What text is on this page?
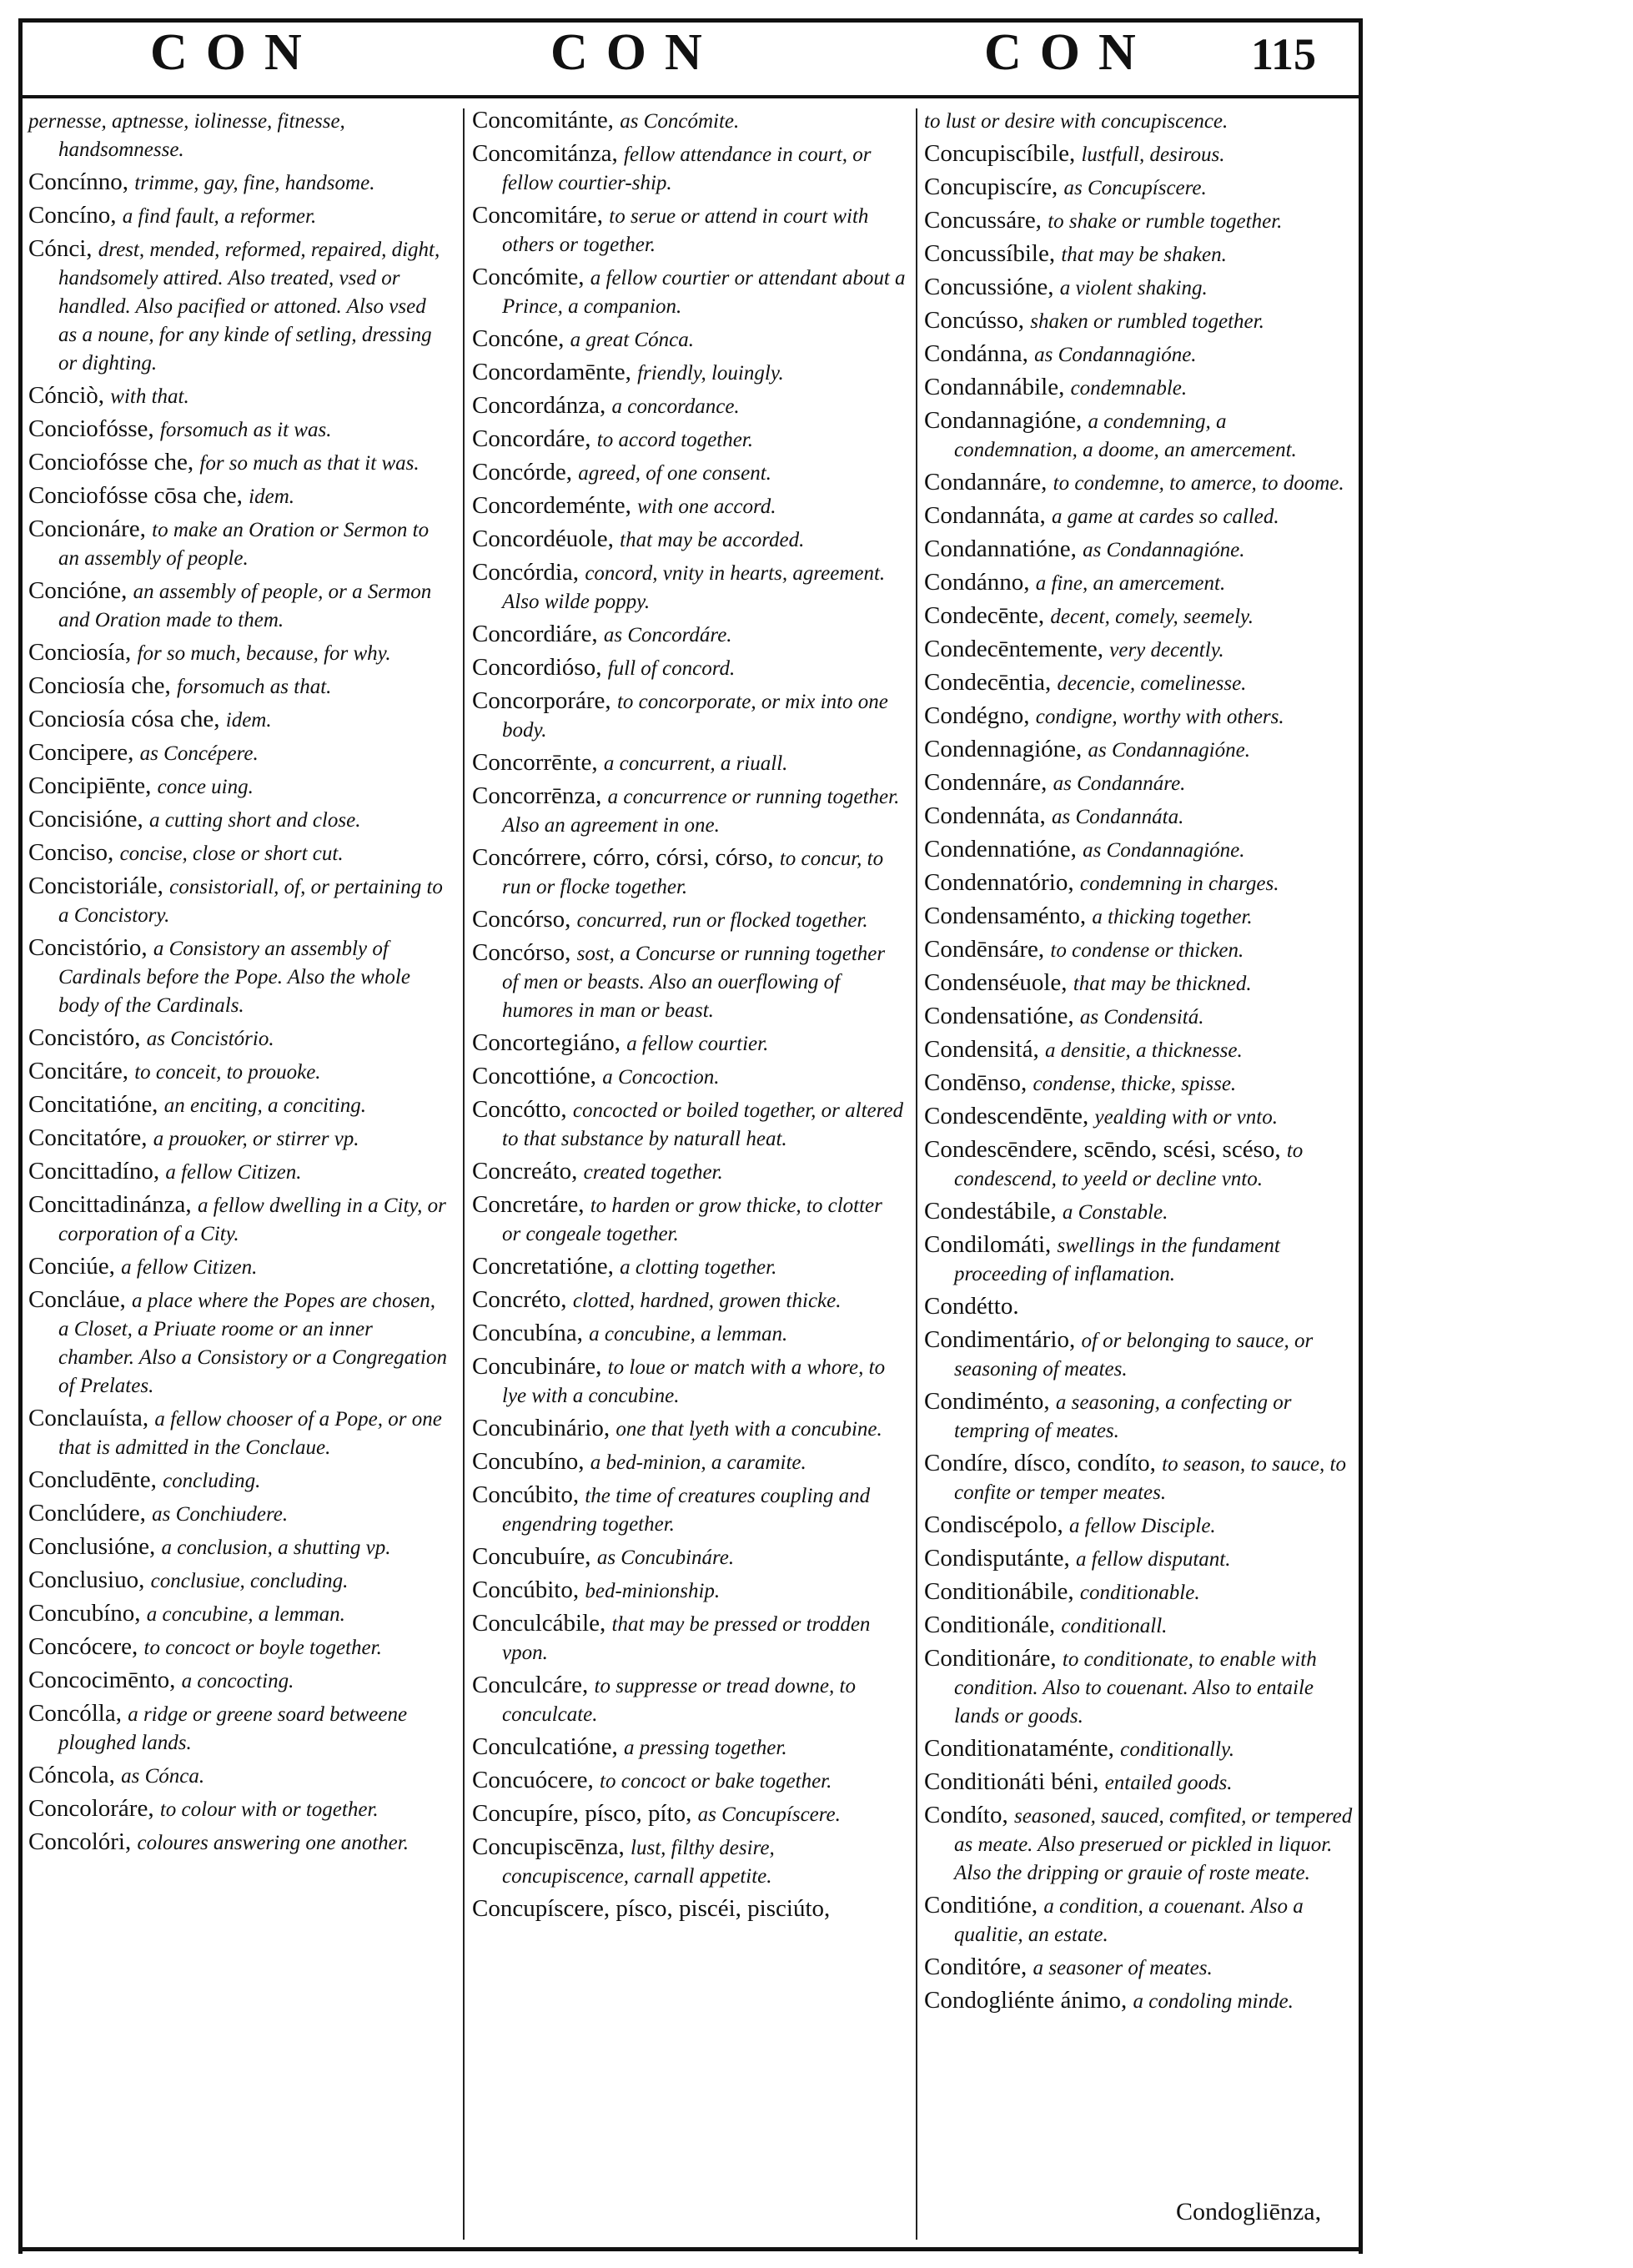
CON	CON	CON 115
pernesse, aptnesse, iolinesse, fitnesse, handsomnesse.
Concínno, trimme, gay, fine, handsome.
Concíno, a find fault, a reformer.
Cónci, drest, mended, reformed, repaired, dight, handsomely attired. Also treated, vsed or handled. Also pacified or attoned. Also vsed as a noune, for any kinde of setling, dressing or dighting.
Cónciò, with that.
Conciofósse, forsomuch as it was.
Conciofósse che, for so much as that it was.
Conciofósse cōsa che, idem.
Concionáre, to make an Oration or Sermon to an assembly of people.
Concióne, an assembly of people, or a Sermon and Oration made to them.
Conciosía, for so much, because, for why.
Conciosía che, forsomuch as that.
Conciosía cósa che, idem.
Concipere, as Concépere.
Concipiēnte, conce uing.
Concisióne, a cutting short and close.
Conciso, concise, close or short cut.
Concistoriále, consistoriall, of, or pertaining to a Concistory.
Concistório, a Consistory an assembly of Cardinals before the Pope. Also the whole body of the Cardinals.
Concistóro, as Concistório.
Concitáre, to conceit, to prouoke.
Concitatióne, an enciting, a conciting.
Concitatóre, a prouoker, or stirrer vp.
Concittadíno, a fellow Citizen.
Concittadinánza, a fellow dwelling in a City, or corporation of a City.
Conciúe, a fellow Citizen.
Concláue, a place where the Popes are chosen, a Closet, a Priuate roome or an inner chamber. Also a Consistory or a Congregation of Prelates.
Conclauísta, a fellow chooser of a Pope, or one that is admitted in the Conclaue.
Concludēnte, concluding.
Conclúdere, as Conchiudere.
Conclusióne, a conclusion, a shutting vp.
Conclusiuo, conclusiue, concluding.
Concubíno, a concubine, a lemman.
Concócere, to concoct or boyle together.
Concocimēnto, a concocting.
Concólla, a ridge or greene soard betweene ploughed lands.
Cóncola, as Cónca.
Concoloráre, to colour with or together.
Concolóri, coloures answering one another.
Concomitánte, as Concómite.
Concomitánza, fellow attendance in court, or fellow courtier-ship.
Concomitáre, to serue or attend in court with others or together.
Concómite, a fellow courtier or attendant about a Prince, a companion.
Concóne, a great Cónca.
Concordamēnte, friendly, louingly.
Concordánza, a concordance.
Concordáre, to accord together.
Concórde, agreed, of one consent.
Concordeménte, with one accord.
Concordéuole, that may be accorded.
Concórdia, concord, vnity in hearts, agreement. Also wilde poppy.
Concordiáre, as Concordáre.
Concordióso, full of concord.
Concorporáre, to concorporate, or mix into one body.
Concorrēnte, a concurrent, a riuall.
Concorrēnza, a concurrence or running together. Also an agreement in one.
Concórrere, córro, córsi, córso, to concur, to run or flocke together.
Concórso, concurred, run or flocked together.
Concórso, sost, a Concurse or running together of men or beasts. Also an ouerflowing of humores in man or beast.
Concortegiáno, a fellow courtier.
Concottióne, a Concoction.
Concótto, concocted or boiled together, or altered to that substance by naturall heat.
Concreáto, created together.
Concretáre, to harden or grow thicke, to clotter or congeale together.
Concretatióne, a clotting together.
Concréto, clotted, hardned, growen thicke.
Concubína, a concubine, a lemman.
Concubináre, to loue or match with a whore, to lye with a concubine.
Concubinário, one that lyeth with a concubine.
Concubíno, a bed-minion, a caramite.
Concúbito, the time of creatures coupling and engendring together.
Concubuíre, as Concubináre.
Concúbito, bed-minionship.
Conculcábile, that may be pressed or trodden vpon.
Conculcáre, to suppresse or tread downe, to conculcate.
Conculcatióne, a pressing together.
Concuócere, to concoct or bake together.
Concupíre, písco, píto, as Concupíscere.
Concupiscēnza, lust, filthy desire, concupiscence, carnall appetite.
Concupíscere, písco, piscéi, pisciúto,
to lust or desire with concupiscence.
Concupiscíbile, lustfull, desirous.
Concupiscíre, as Concupíscere.
Concussáre, to shake or rumble together.
Concussíbile, that may be shaken.
Concussióne, a violent shaking.
Concússo, shaken or rumbled together.
Condánna, as Condannagióne.
Condannábile, condemnable.
Condannagióne, a condemning, a condemnation, a doome, an amercement.
Condannáre, to condemne, to amerce, to doome.
Condannáta, a game at cardes so called.
Condannatióne, as Condannagióne.
Condánno, a fine, an amercement.
Condecēnte, decent, comely, seemely.
Condecēntemente, very decently.
Condecēntia, decencie, comelinesse.
Condégno, condigne, worthy with others.
Condennagióne, as Condannagióne.
Condennáre, as Condannáre.
Condennáta, as Condannáta.
Condennatióne, as Condannagióne.
Condennatório, condemning in charges.
Condensaménto, a thicking together.
Condēnsáre, to condense or thicken.
Condenséuole, that may be thickned.
Condensatióne, as Condensitá.
Condensitá, a densitie, a thicknesse.
Condēnso, condense, thicke, spisse.
Condescendēnte, yealding with or vnto.
Condescēndere, scēndo, scési, scéso, to condescend, to yeeld or decline vnto.
Condestábile, a Constable.
Condilomáti, swellings in the fundament proceeding of inflamation.
Condétto.
Condimentário, of or belonging to sauce, or seasoning of meates.
Condiménto, a seasoning, a confecting or tempring of meates.
Condíre, dísco, condíto, to season, to sauce, to confite or temper meates.
Condiscépolo, a fellow Disciple.
Condisputánte, a fellow disputant.
Conditionábile, conditionable.
Conditionále, conditionall.
Conditionáre, to conditionate, to enable with condition. Also to couenant. Also to entaile lands or goods.
Conditionataménte, conditionally.
Conditionáti béni, entailed goods.
Condíto, seasoned, sauced, comfited, or tempered as meate. Also preserued or pickled in liquor. Also the dripping or grauie of roste meate.
Conditióne, a condition, a couenant. Also a qualitie, an estate.
Conditóre, a seasoner of meates.
Condogliénte ánimo, a condoling minde.
Condogliēnza,
